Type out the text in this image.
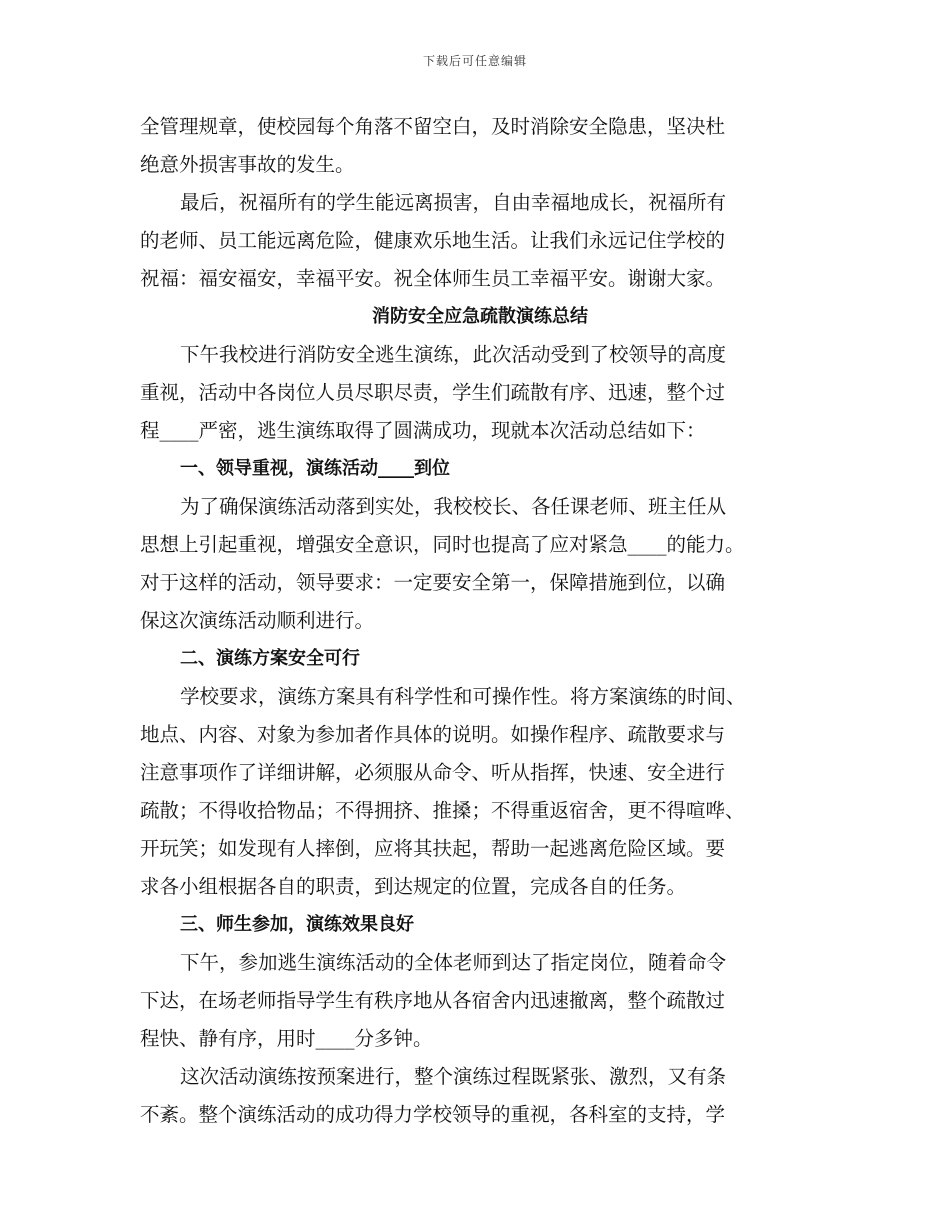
下载后可任意编辑
全管理规章，使校园每个角落不留空白，及时消除安全隐患，坚决杜
绝意外损害事故的发生。
最后，祝福所有的学生能远离损害，自由幸福地成长，祝福所有
的老师、员工能远离危险，健康欢乐地生活。让我们永远记住学校的
祝福：福安福安，幸福平安。祝全体师生员工幸福平安。谢谢大家。
消防安全应急疏散演练总结
下午我校进行消防安全逃生演练，此次活动受到了校领导的高度
重视，活动中各岗位人员尽职尽责，学生们疏散有序、迅速，整个过
程____严密，逃生演练取得了圆满成功，现就本次活动总结如下：
一、领导重视，演练活动____到位
为了确保演练活动落到实处，我校校长、各任课老师、班主任从
思想上引起重视，增强安全意识，同时也提高了应对紧急____的能力。
对于这样的活动，领导要求：一定要安全第一，保障措施到位，以确
保这次演练活动顺利进行。
二、演练方案安全可行
学校要求，演练方案具有科学性和可操作性。将方案演练的时间、
地点、内容、对象为参加者作具体的说明。如操作程序、疏散要求与
注意事项作了详细讲解，必须服从命令、听从指挥，快速、安全进行
疏散；不得收拾物品；不得拥挤、推搡；不得重返宿舍，更不得喧哗、
开玩笑；如发现有人摔倒，应将其扶起，帮助一起逃离危险区域。要
求各小组根据各自的职责，到达规定的位置，完成各自的任务。
三、师生参加，演练效果良好
下午，参加逃生演练活动的全体老师到达了指定岗位，随着命令
下达，在场老师指导学生有秩序地从各宿舍内迅速撤离，整个疏散过
程快、静有序，用时____分多钟。
这次活动演练按预案进行，整个演练过程既紧张、激烈，又有条
不紊。整个演练活动的成功得力学校领导的重视，各科室的支持，学
